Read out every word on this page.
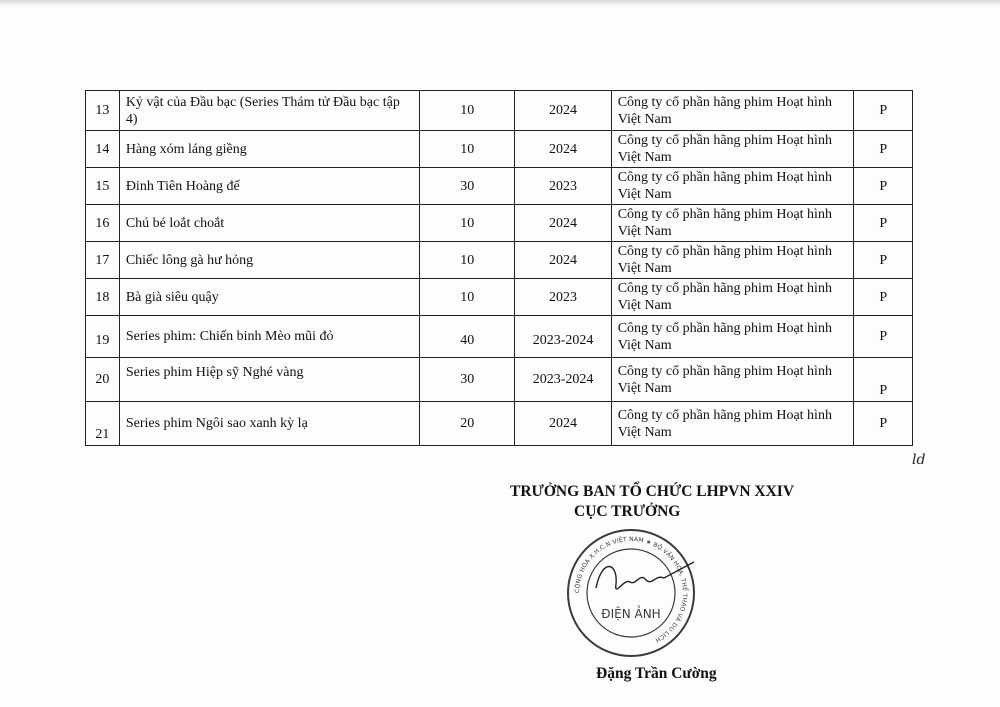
13	Kỷ vật của Đầu bạc (Series Thám tử Đầu bạc tập 4)	10	2024	Công ty cổ phần hãng phim Hoạt hình Việt Nam	P
14	Hàng xóm láng giềng	10	2024	Công ty cổ phần hãng phim Hoạt hình Việt Nam	P
15	Đinh Tiên Hoàng đế	30	2023	Công ty cổ phần hãng phim Hoạt hình Việt Nam	P
16	Chú bé loắt choắt	10	2024	Công ty cổ phần hãng phim Hoạt hình Việt Nam	P
17	Chiếc lông gà hư hỏng	10	2024	Công ty cổ phần hãng phim Hoạt hình Việt Nam	P
18	Bà già siêu quậy	10	2023	Công ty cổ phần hãng phim Hoạt hình Việt Nam	P
19	Series phim: Chiến binh Mèo mũi đỏ	40	2023-2024	Công ty cổ phần hãng phim Hoạt hình Việt Nam	P
20	Series phim Hiệp sỹ Nghé vàng	30	2023-2024	Công ty cổ phần hãng phim Hoạt hình Việt Nam	P
21	Series phim Ngôi sao xanh kỳ lạ	20	2024	Công ty cổ phần hãng phim Hoạt hình Việt Nam	P
ld
TRƯỞNG BAN TỔ CHỨC LHPVN XXIV
CỤC TRƯỞNG
CỘNG HÒA X.H.C.N VIỆT NAM ★ BỘ VĂN HÓA, THỂ THAO VÀ DU LỊCH
ĐIỆN ẢNH
Đặng Trần Cường
